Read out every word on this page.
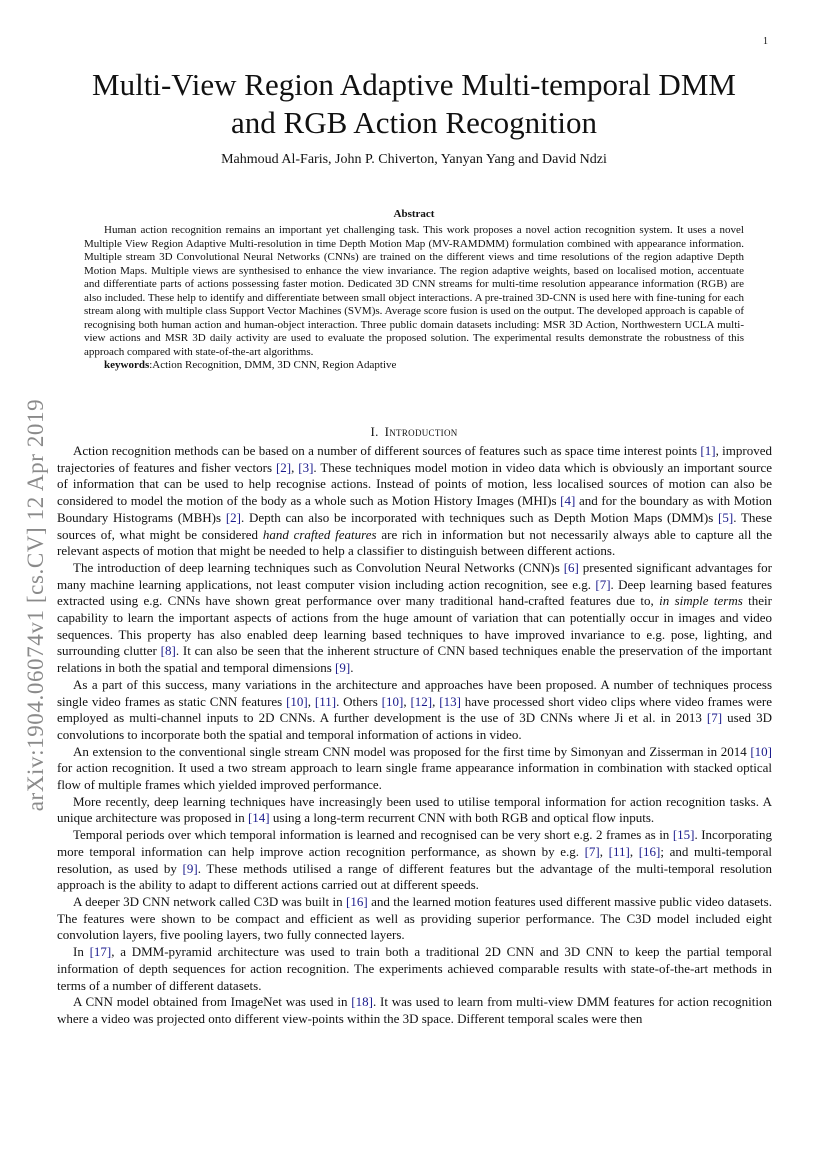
1
arXiv:1904.06074v1 [cs.CV] 12 Apr 2019
Multi-View Region Adaptive Multi-temporal DMM
and RGB Action Recognition
Mahmoud Al-Faris, John P. Chiverton, Yanyan Yang and David Ndzi
Abstract

Human action recognition remains an important yet challenging task. This work proposes a novel action recognition system. It uses a novel Multiple View Region Adaptive Multi-resolution in time Depth Motion Map (MV-RAMDMM) formulation combined with appearance information. Multiple stream 3D Convolutional Neural Networks (CNNs) are trained on the different views and time resolutions of the region adaptive Depth Motion Maps. Multiple views are synthesised to enhance the view invariance. The region adaptive weights, based on localised motion, accentuate and differentiate parts of actions possessing faster motion. Dedicated 3D CNN streams for multi-time resolution appearance information (RGB) are also included. These help to identify and differentiate between small object interactions. A pre-trained 3D-CNN is used here with fine-tuning for each stream along with multiple class Support Vector Machines (SVM)s. Average score fusion is used on the output. The developed approach is capable of recognising both human action and human-object interaction. Three public domain datasets including: MSR 3D Action, Northwestern UCLA multi-view actions and MSR 3D daily activity are used to evaluate the proposed solution. The experimental results demonstrate the robustness of this approach compared with state-of-the-art algorithms.

keywords:Action Recognition, DMM, 3D CNN, Region Adaptive

I. Introduction

Action recognition methods can be based on a number of different sources of features such as space time interest points [1], improved trajectories of features and fisher vectors [2], [3]. These techniques model motion in video data which is obviously an important source of information that can be used to help recognise actions. Instead of points of motion, less localised sources of motion can also be considered to model the motion of the body as a whole such as Motion History Images (MHI)s [4] and for the boundary as with Motion Boundary Histograms (MBH)s [2]. Depth can also be incorporated with techniques such as Depth Motion Maps (DMM)s [5]. These sources of, what might be considered hand crafted features are rich in information but not necessarily always able to capture all the relevant aspects of motion that might be needed to help a classifier to distinguish between different actions.

The introduction of deep learning techniques such as Convolution Neural Networks (CNN)s [6] presented significant advantages for many machine learning applications, not least computer vision including action recognition, see e.g. [7]. Deep learning based features extracted using e.g. CNNs have shown great performance over many traditional hand-crafted features due to, in simple terms their capability to learn the important aspects of actions from the huge amount of variation that can potentially occur in images and video sequences. This property has also enabled deep learning based techniques to have improved invariance to e.g. pose, lighting, and surrounding clutter [8]. It can also be seen that the inherent structure of CNN based techniques enable the preservation of the important relations in both the spatial and temporal dimensions [9].

As a part of this success, many variations in the architecture and approaches have been proposed. A number of techniques process single video frames as static CNN features [10], [11]. Others [10], [12], [13] have processed short video clips where video frames were employed as multi-channel inputs to 2D CNNs. A further development is the use of 3D CNNs where Ji et al. in 2013 [7] used 3D convolutions to incorporate both the spatial and temporal information of actions in video.

An extension to the conventional single stream CNN model was proposed for the first time by Simonyan and Zisserman in 2014 [10] for action recognition. It used a two stream approach to learn single frame appearance information in combination with stacked optical flow of multiple frames which yielded improved performance.

More recently, deep learning techniques have increasingly been used to utilise temporal information for action recognition tasks. A unique architecture was proposed in [14] using a long-term recurrent CNN with both RGB and optical flow inputs.

Temporal periods over which temporal information is learned and recognised can be very short e.g. 2 frames as in [15]. Incorporating more temporal information can help improve action recognition performance, as shown by e.g. [7], [11], [16]; and multi-temporal resolution, as used by [9]. These methods utilised a range of different features but the advantage of the multi-temporal resolution approach is the ability to adapt to different actions carried out at different speeds.

A deeper 3D CNN network called C3D was built in [16] and the learned motion features used different massive public video datasets. The features were shown to be compact and efficient as well as providing superior performance. The C3D model included eight convolution layers, five pooling layers, two fully connected layers.

In [17], a DMM-pyramid architecture was used to train both a traditional 2D CNN and 3D CNN to keep the partial temporal information of depth sequences for action recognition. The experiments achieved comparable results with state-of-the-art methods in terms of a number of different datasets.

A CNN model obtained from ImageNet was used in [18]. It was used to learn from multi-view DMM features for action recognition where a video was projected onto different view-points within the 3D space. Different temporal scales were then
